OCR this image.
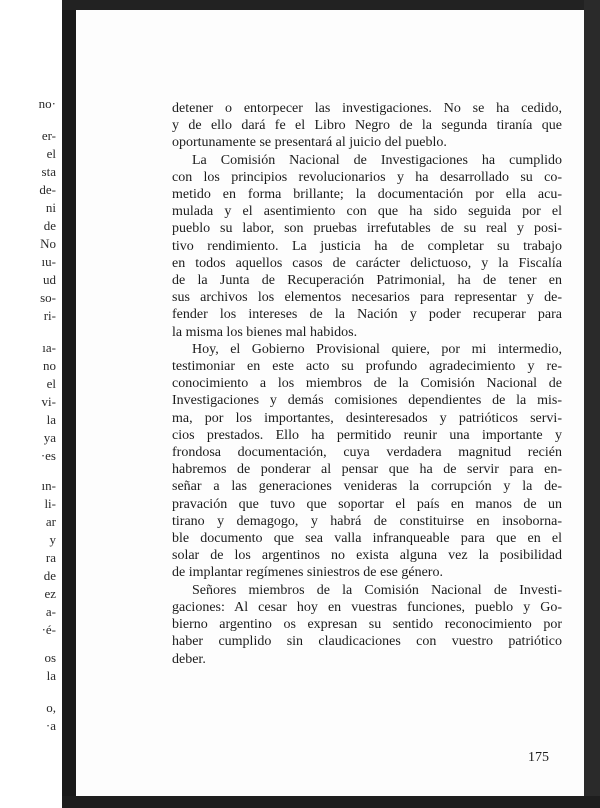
no·
er-
el
sta
de-
ni
de
No
ıu-
ud
so-
ri-
ıa-
no
el
vi-
la
ya
·es
ın-
li-
ar
y
ra
de
ez
a-
·é-
os
la
o,
·a

detener o entorpecer las investigaciones. No se ha cedido,
y de ello dará fe el Libro Negro de la segunda tiranía que
oportunamente se presentará al juicio del pueblo.

La Comisión Nacional de Investigaciones ha cumplido
con los principios revolucionarios y ha desarrollado su co-
metido en forma brillante; la documentación por ella acu-
mulada y el asentimiento con que ha sido seguida por el
pueblo su labor, son pruebas irrefutables de su real y posi-
tivo rendimiento. La justicia ha de completar su trabajo
en todos aquellos casos de carácter delictuoso, y la Fiscalía
de la Junta de Recuperación Patrimonial, ha de tener en
sus archivos los elementos necesarios para representar y de-
fender los intereses de la Nación y poder recuperar para
la misma los bienes mal habidos.

Hoy, el Gobierno Provisional quiere, por mi intermedio,
testimoniar en este acto su profundo agradecimiento y re-
conocimiento a los miembros de la Comisión Nacional de
Investigaciones y demás comisiones dependientes de la mis-
ma, por los importantes, desinteresados y patrióticos servi-
cios prestados. Ello ha permitido reunir una importante y
frondosa documentación, cuya verdadera magnitud recién
habremos de ponderar al pensar que ha de servir para en-
señar a las generaciones venideras la corrupción y la de-
pravación que tuvo que soportar el país en manos de un
tirano y demagogo, y habrá de constituirse en insoborna-
ble documento que sea valla infranqueable para que en el
solar de los argentinos no exista alguna vez la posibilidad
de implantar regímenes siniestros de ese género.

Señores miembros de la Comisión Nacional de Investi-
gaciones: Al cesar hoy en vuestras funciones, pueblo y Go-
bierno argentino os expresan su sentido reconocimiento por
haber cumplido sin claudicaciones con vuestro patriótico
deber.

175
